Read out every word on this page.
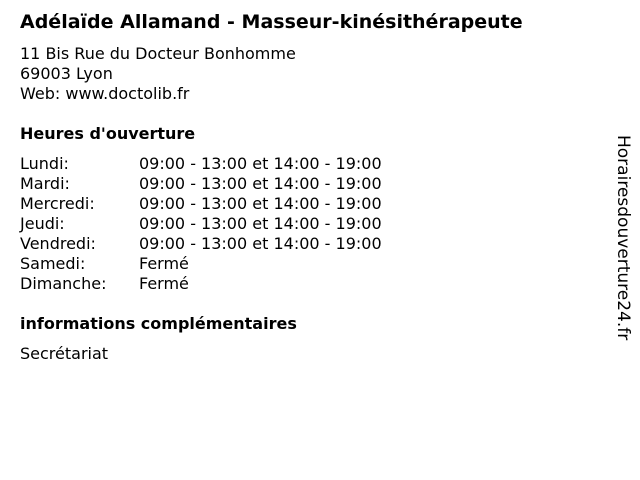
Adélaïde Allamand - Masseur-kinésithérapeute
11 Bis Rue du Docteur Bonhomme
69003 Lyon
Web: www.doctolib.fr
Heures d'ouverture
Lundi:	09:00 - 13:00 et 14:00 - 19:00
Mardi:	09:00 - 13:00 et 14:00 - 19:00
Mercredi:	09:00 - 13:00 et 14:00 - 19:00
Jeudi:	09:00 - 13:00 et 14:00 - 19:00
Vendredi:	09:00 - 13:00 et 14:00 - 19:00
Samedi:	Fermé
Dimanche:	Fermé
informations complémentaires
Secrétariat
Horairesdouverture24.fr
